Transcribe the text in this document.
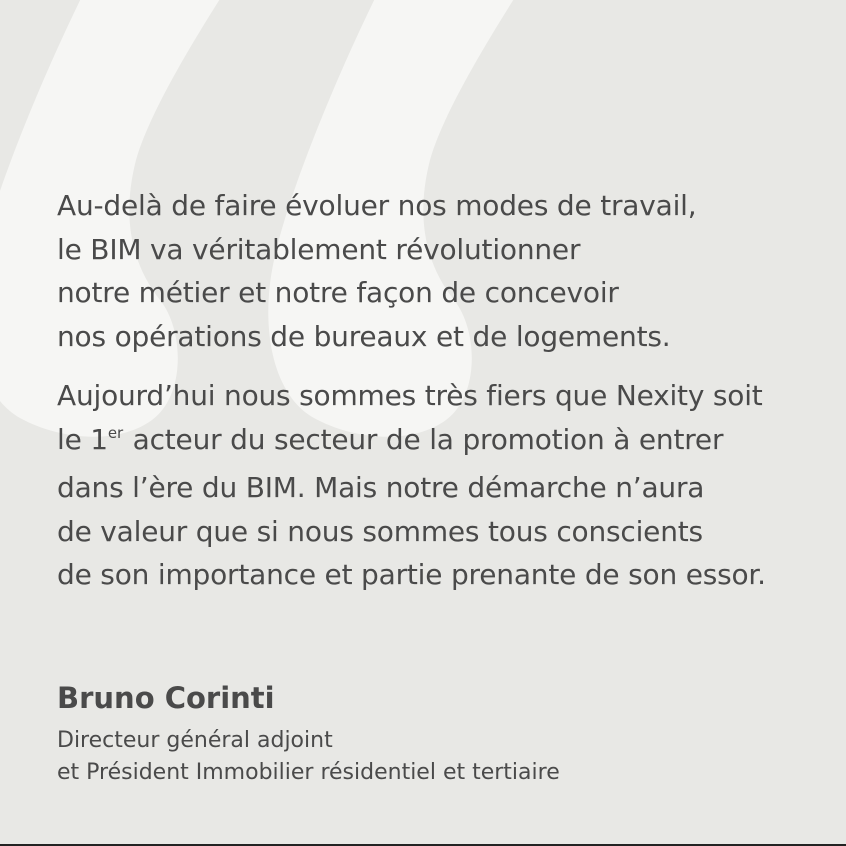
Au-delà de faire évoluer nos modes de travail,
le BIM va véritablement révolutionner
notre métier et notre façon de concevoir
nos opérations de bureaux et de logements.

Aujourd’hui nous sommes très fiers que Nexity soit
le 1er acteur du secteur de la promotion à entrer
dans l’ère du BIM. Mais notre démarche n’aura
de valeur que si nous sommes tous conscients
de son importance et partie prenante de son essor.

Bruno Corinti
Directeur général adjoint
et Président Immobilier résidentiel et tertiaire
